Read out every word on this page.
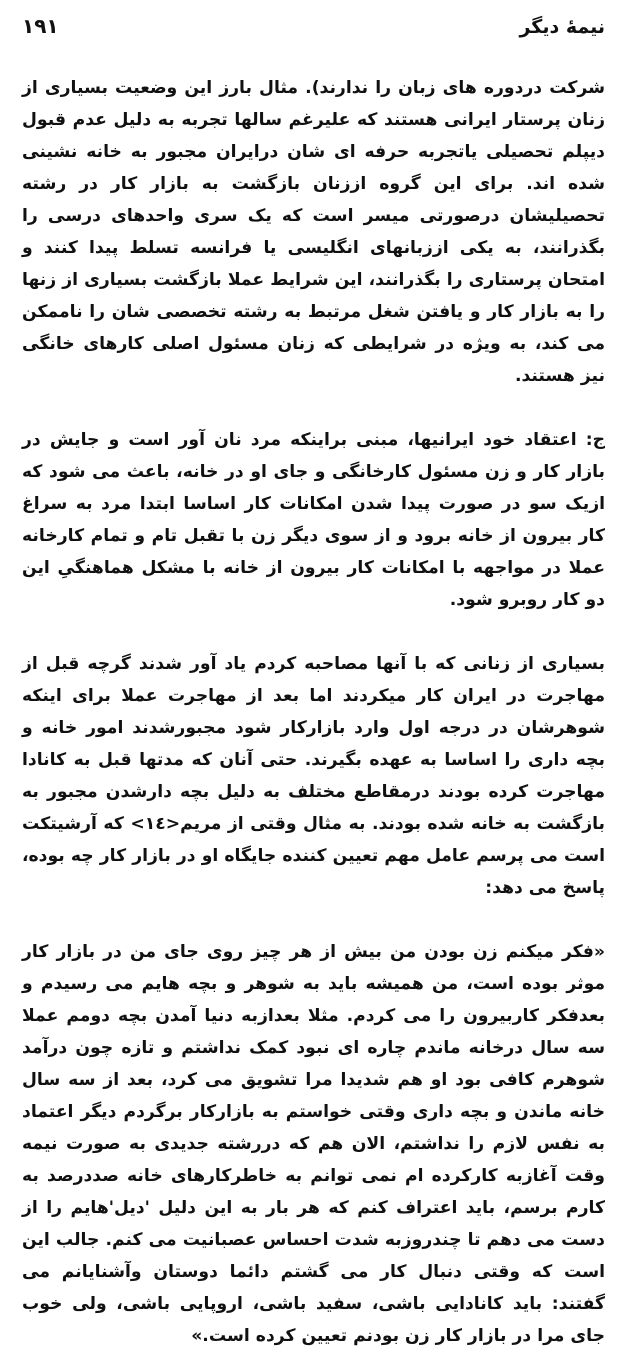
نیمهٔ دیگر
۱۹۱

شرکت دردوره های زبان را ندارند). مثال بارز این وضعیت بسیاری از زنان پرستار ایرانی هستند که علیرغم سالها تجربه به دلیل عدم قبول دیپلم تحصیلی یاتجربه حرفه ای شان درایران مجبور به خانه نشینی شده اند. برای این گروه اززنان بازگشت به بازار کار در رشته تحصیلیشان درصورتی میسر است که یک سری واحدهای درسی را بگذرانند، به یکی اززبانهای انگلیسی یا فرانسه تسلط پیدا کنند و امتحان پرستاری را بگذرانند، این شرایط عملا بازگشت بسیاری از زنها را به بازار کار و یافتن شغل مرتبط به رشته تخصصی شان را ناممکن می کند، به ویژه در شرایطی که زنان مسئول اصلی کارهای خانگی نیز هستند.

ج: اعتقاد خود ایرانیها، مبنی براینکه مرد نان آور است و جایش در بازار کار و زن مسئول کارخانگی و جای او در خانه، باعث می شود که ازیک سو در صورت پیدا شدن امکانات کار اساسا ابتدا مرد به سراغ کار بیرون از خانه برود و از سوی دیگر زن با تقبل تام و تمام کارخانه عملا در مواجهه با امکانات کار بیرون از خانه با مشکل هماهنگیِ این دو کار روبرو شود.

بسیاری از زنانی که با آنها مصاحبه کردم یاد آور شدند گرچه قبل از مهاجرت در ایران کار میکردند اما بعد از مهاجرت عملا برای اینکه شوهرشان در درجه اول وارد بازارکار شود مجبورشدند امور خانه و بچه داری را اساسا به عهده بگیرند. حتی آنان که مدتها قبل به کانادا مهاجرت کرده بودند درمقاطع مختلف به دلیل بچه دارشدن مجبور به بازگشت به خانه شده بودند. به مثال وقتی از مریم<۱٤> که آرشیتکت است می پرسم عامل مهم تعیین کننده جایگاه او در بازار کار چه بوده، پاسخ می دهد:

«فکر میکنم زن بودن من بیش از هر چیز روی جای من در بازار کار موثر بوده است، من همیشه باید به شوهر و بچه هایم می رسیدم و بعدفکر کاربیرون را می کردم. مثلا بعدازبه دنیا آمدن بچه دومم عملا سه سال درخانه ماندم چاره ای نبود کمک نداشتم و تازه چون درآمد شوهرم کافی بود او هم شدیدا مرا تشویق می کرد، بعد از سه سال خانه ماندن و بچه داری وقتی خواستم به بازارکار برگردم دیگر اعتماد به نفس لازم را نداشتم، الان هم که دررشته جدیدی به صورت نیمه وقت آغازبه کارکرده ام نمی توانم به خاطرکارهای خانه صددرصد به کارم برسم، باید اعتراف کنم که هر بار به این دلیل 'دیل'هایم را از دست می دهم تا چندروزبه شدت احساس عصبانیت می کنم. جالب این است که وقتی دنبال کار می گشتم دائما دوستان وآشنایانم می گفتند: باید کانادایی باشی، سفید باشی، اروپایی باشی، ولی خوب جای مرا در بازار کار زن بودنم تعیین کرده است.»
